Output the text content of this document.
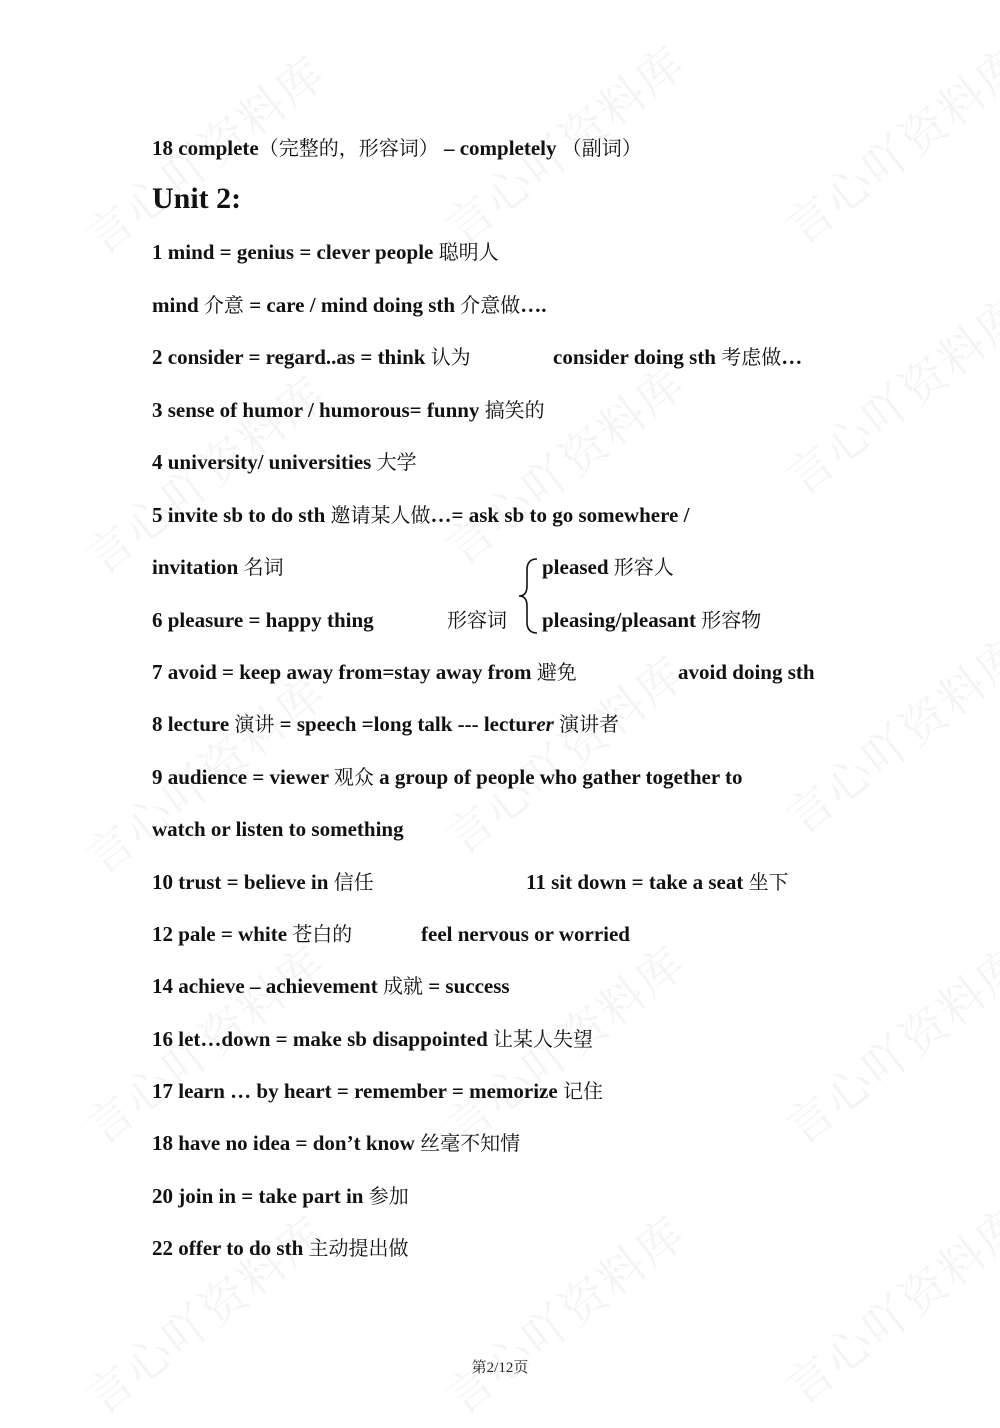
18 complete（完整的，形容词） – completely （副词）
Unit 2:
1 mind = genius = clever people 聪明人
mind 介意 = care / mind doing sth 介意做….
2 consider = regard..as = think 认为	consider doing sth 考虑做…
3 sense of humor / humorous= funny 搞笑的
4 university/ universities 大学
5 invite sb to do sth 邀请某人做…= ask sb to go somewhere /
invitation 名词
6 pleasure = happy thing	形容词
pleased 形容人
pleasing/pleasant 形容物
7 avoid = keep away from=stay away from 避免	avoid doing sth
8 lecture 演讲 = speech =long talk --- lecturer 演讲者
9 audience = viewer 观众 a group of people who gather together to
watch or listen to something
10 trust = believe in 信任	11 sit down = take a seat 坐下
12 pale = white 苍白的	feel nervous or worried
14 achieve – achievement 成就 = success
16 let…down = make sb disappointed 让某人失望
17 learn … by heart = remember = memorize 记住
18 have no idea = don’t know 丝毫不知情
20 join in = take part in 参加
22 offer to do sth 主动提出做
第2/12页
